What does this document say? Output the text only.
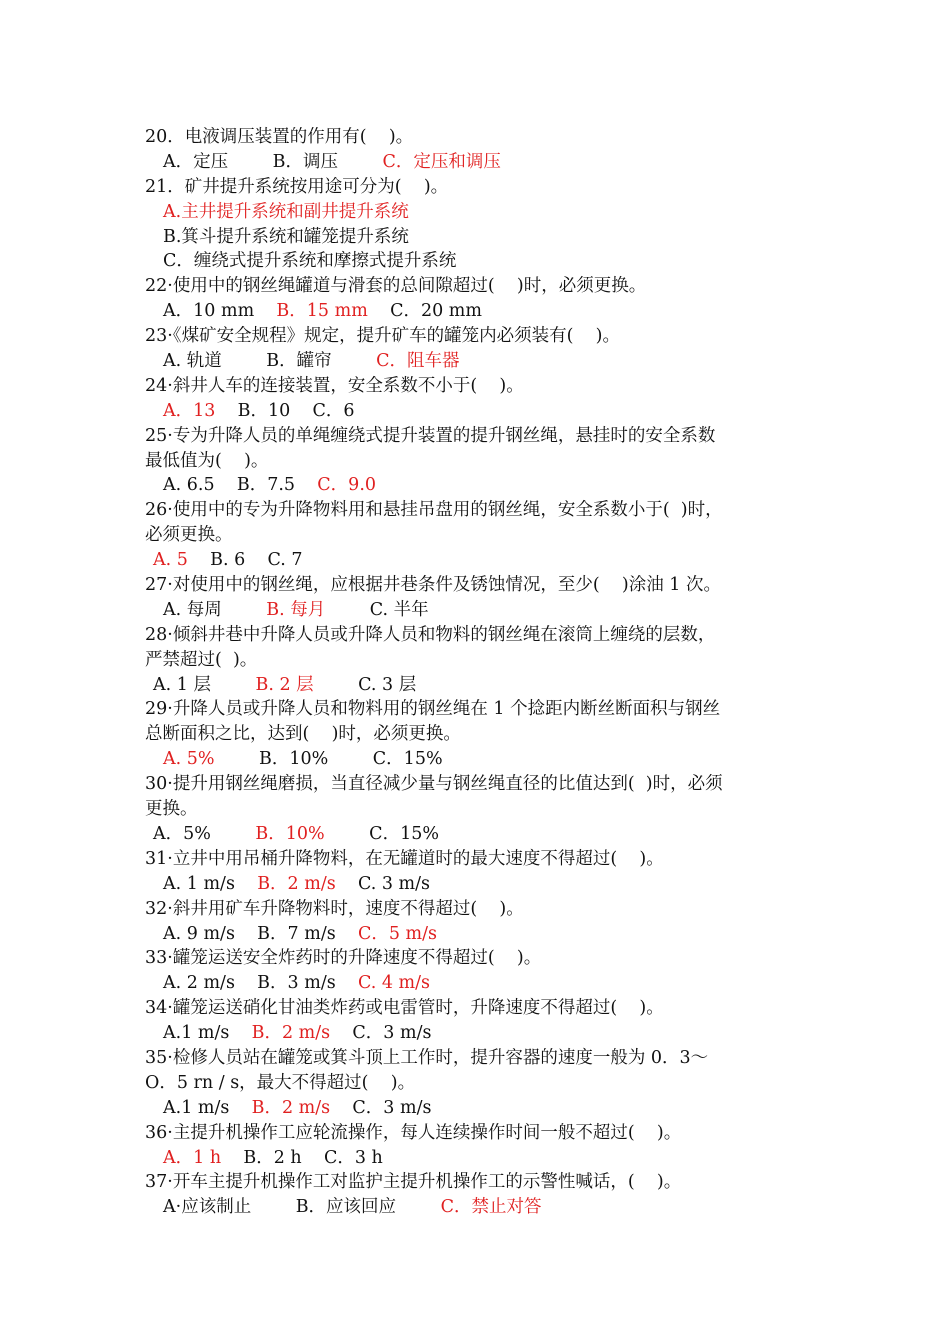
20．电液调压装置的作用有(    )。
A．定压        B．调压        C．定压和调压
21．矿井提升系统按用途可分为(    )。
A.主井提升系统和副井提升系统
B.箕斗提升系统和罐笼提升系统
C．缠绕式提升系统和摩擦式提升系统
22·使用中的钢丝绳罐道与滑套的总间隙超过(    )时，必须更换。
A．10 mm    B．15 mm    C．20 mm
23·《煤矿安全规程》规定，提升矿车的罐笼内必须装有(    )。
A. 轨道        B．罐帘        C．阻车器
24·斜井人车的连接装置，安全系数不小于(    )。
A．13    B．10    C．6
25·专为升降人员的单绳缠绕式提升装置的提升钢丝绳，悬挂时的安全系数
最低值为(    )。
A. 6.5    B．7.5    C．9.0
26·使用中的专为升降物料用和悬挂吊盘用的钢丝绳，安全系数小于(  )时，
必须更换。
A. 5    B. 6    C. 7
27·对使用中的钢丝绳，应根据井巷条件及锈蚀情况，至少(    )涂油 1 次。
A. 每周        B. 每月        C. 半年
28·倾斜井巷中升降人员或升降人员和物料的钢丝绳在滚筒上缠绕的层数，
严禁超过(  )。
A. 1 层        B. 2 层        C. 3 层
29·升降人员或升降人员和物料用的钢丝绳在 1 个捻距内断丝断面积与钢丝
总断面积之比，达到(    )时，必须更换。
A. 5%        B．10%        C．15%
30·提升用钢丝绳磨损，当直径减少量与钢丝绳直径的比值达到(  )时，必须
更换。
A．5%        B．10%        C．15%
31·立井中用吊桶升降物料，在无罐道时的最大速度不得超过(    )。
A. 1 m/s    B．2 m/s    C. 3 m/s
32·斜井用矿车升降物料时，速度不得超过(    )。
A. 9 m/s    B．7 m/s    C．5 m/s
33·罐笼运送安全炸药时的升降速度不得超过(    )。
A. 2 m/s    B．3 m/s    C. 4 m/s
34·罐笼运送硝化甘油类炸药或电雷管时，升降速度不得超过(    )。
A.1 m/s    B．2 m/s    C．3 m/s
35·检修人员站在罐笼或箕斗顶上工作时，提升容器的速度一般为 0．3～
O．5 rn / s，最大不得超过(    )。
A.1 m/s    B．2 m/s    C．3 m/s
36·主提升机操作工应轮流操作，每人连续操作时间一般不超过(    )。
A．1 h    B．2 h    C．3 h
37·开车主提升机操作工对监护主提升机操作工的示警性喊话，(    )。
A·应该制止        B．应该回应        C．禁止对答
